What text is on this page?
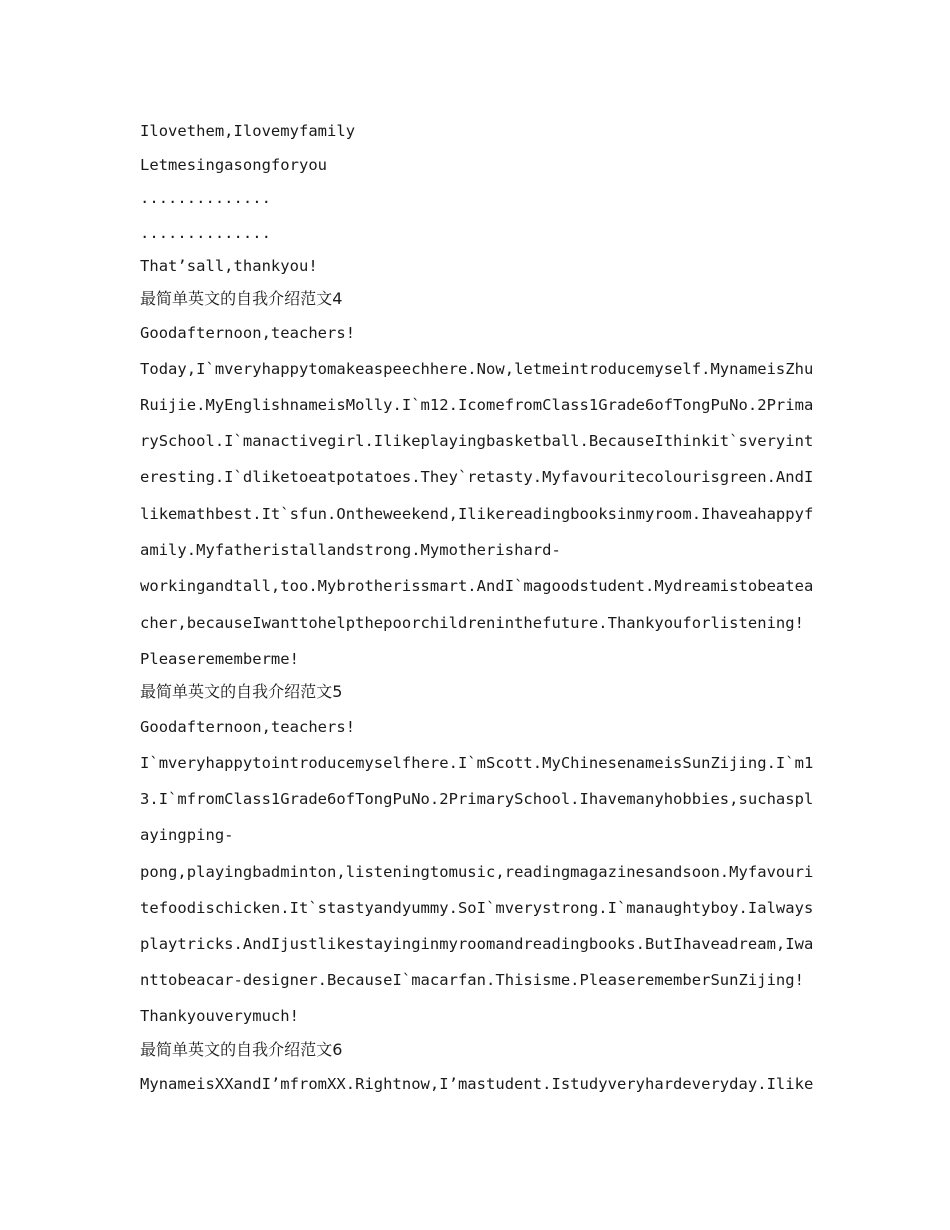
Ilovethem,Ilovemyfamily
Letmesingasongforyou
..............
..............
That’sall,thankyou!
最简单英文的自我介绍范文4
Goodafternoon,teachers!
Today,I`mveryhappytomakeaspeechhere.Now,letmeintroducemyself.MynameisZhu
Ruijie.MyEnglishnameisMolly.I`m12.IcomefromClass1Grade6ofTongPuNo.2Prima
rySchool.I`manactivegirl.Ilikeplayingbasketball.BecauseIthinkit`sveryint
eresting.I`dliketoeatpotatoes.They`retasty.Myfavouritecolourisgreen.AndI
likemathbest.It`sfun.Ontheweekend,Ilikereadingbooksinmyroom.Ihaveahappyf
amily.Myfatheristallandstrong.Mymotherishard-
workingandtall,too.Mybrotherissmart.AndI`magoodstudent.Mydreamistobeatea
cher,becauseIwanttohelpthepoorchildreninthefuture.Thankyouforlistening!
Pleaserememberme!
最简单英文的自我介绍范文5
Goodafternoon,teachers!
I`mveryhappytointroducemyselfhere.I`mScott.MyChinesenameisSunZijing.I`m1
3.I`mfromClass1Grade6ofTongPuNo.2PrimarySchool.Ihavemanyhobbies,suchaspl
ayingping-
pong,playingbadminton,listeningtomusic,readingmagazinesandsoon.Myfavouri
tefoodischicken.It`stastyandyummy.SoI`mverystrong.I`manaughtyboy.Ialways
playtricks.AndIjustlikestayinginmyroomandreadingbooks.ButIhaveadream,Iwa
nttobeacar-designer.BecauseI`macarfan.Thisisme.PleaserememberSunZijing!
Thankyouverymuch!
最简单英文的自我介绍范文6
MynameisXXandI’mfromXX.Rightnow,I’mastudent.Istudyveryhardeveryday.Ilike
